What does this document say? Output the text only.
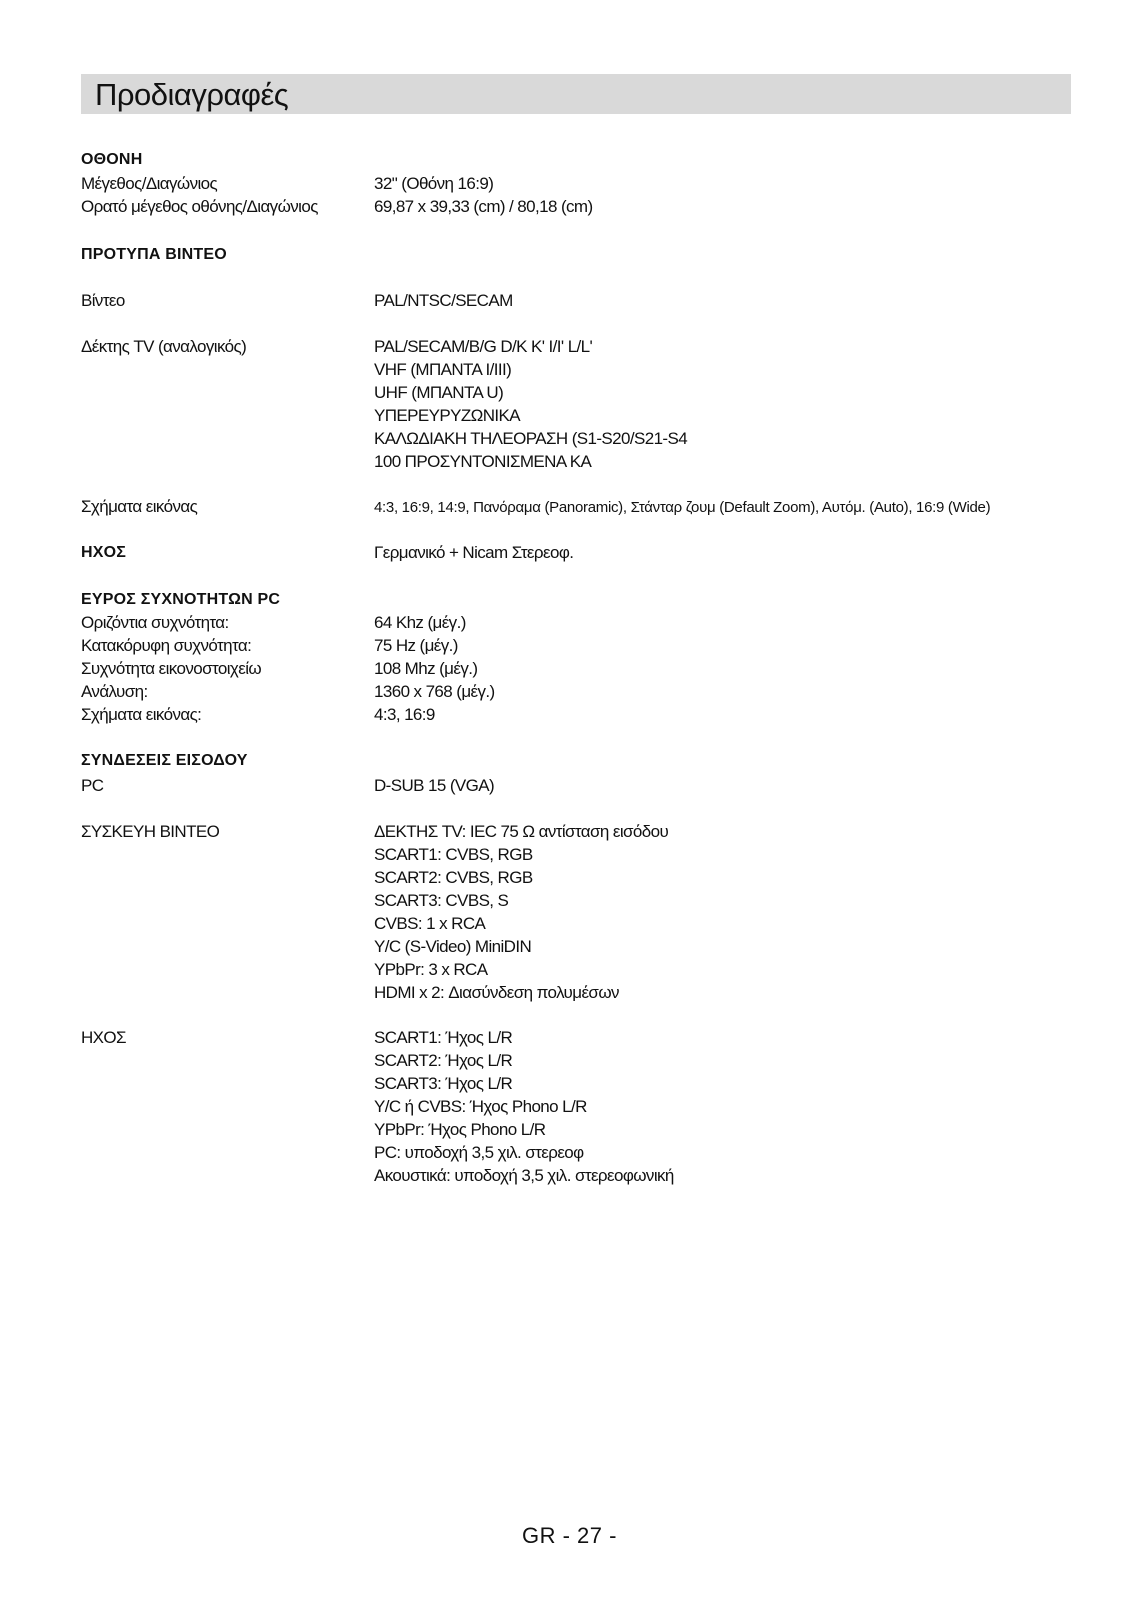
Προδιαγραφές
ΟΘΟΝΗ
Μέγεθος/Διαγώνιος	32" (Οθόνη 16:9)
Ορατό μέγεθος οθόνης/Διαγώνιος	69,87 x 39,33 (cm) / 80,18 (cm)
ΠΡΟΤΥΠΑ ΒΙΝΤΕΟ
Βίντεο	PAL/NTSC/SECAM
Δέκτης TV (αναλογικός)	PAL/SECAM/B/G D/K K' I/I' L/L'
VHF (ΜΠΑΝΤΑ I/III)
UHF (ΜΠΑΝΤΑ U)
ΥΠΕΡΕΥΡΥΖΩΝΙΚΑ
ΚΑΛΩΔΙΑΚΗ ΤΗΛΕΟΡΑΣΗ (S1-S20/S21-S4
100 ΠΡΟΣΥΝΤΟΝΙΣΜΕΝΑ ΚΑ
Σχήματα εικόνας	4:3, 16:9, 14:9, Πανόραμα (Panoramic), Στάνταρ ζουμ (Default Zoom), Αυτόμ. (Auto), 16:9 (Wide)
ΗΧΟΣ	Γερμανικό + Nicam Στερεοφ.
ΕΥΡΟΣ ΣΥΧΝΟΤΗΤΩΝ PC
Οριζόντια συχνότητα:	64 Khz (μέγ.)
Κατακόρυφη συχνότητα:	75 Hz (μέγ.)
Συχνότητα εικονοστοιχείω	108 Mhz (μέγ.)
Ανάλυση:	1360 x 768 (μέγ.)
Σχήματα εικόνας:	4:3, 16:9
ΣΥΝΔΕΣΕΙΣ ΕΙΣΟΔΟΥ
PC	D-SUB 15 (VGA)
ΣΥΣΚΕΥΗ ΒΙΝΤΕΟ	ΔΕΚΤΗΣ TV: IEC 75 Ω αντίσταση εισόδου
SCART1: CVBS, RGB
SCART2: CVBS, RGB
SCART3: CVBS, S
CVBS: 1 x RCA
Y/C (S-Video) MiniDIN
YPbPr: 3 x RCA
HDMI x 2: Διασύνδεση πολυμέσων
ΗΧΟΣ	SCART1: Ήχος L/R
SCART2: Ήχος L/R
SCART3: Ήχος L/R
Y/C ή CVBS: Ήχος Phono L/R
YPbPr: Ήχος Phono L/R
PC: υποδοχή 3,5 χιλ. στερεοφ
Ακουστικά: υποδοχή 3,5 χιλ. στερεοφωνική
GR - 27 -
